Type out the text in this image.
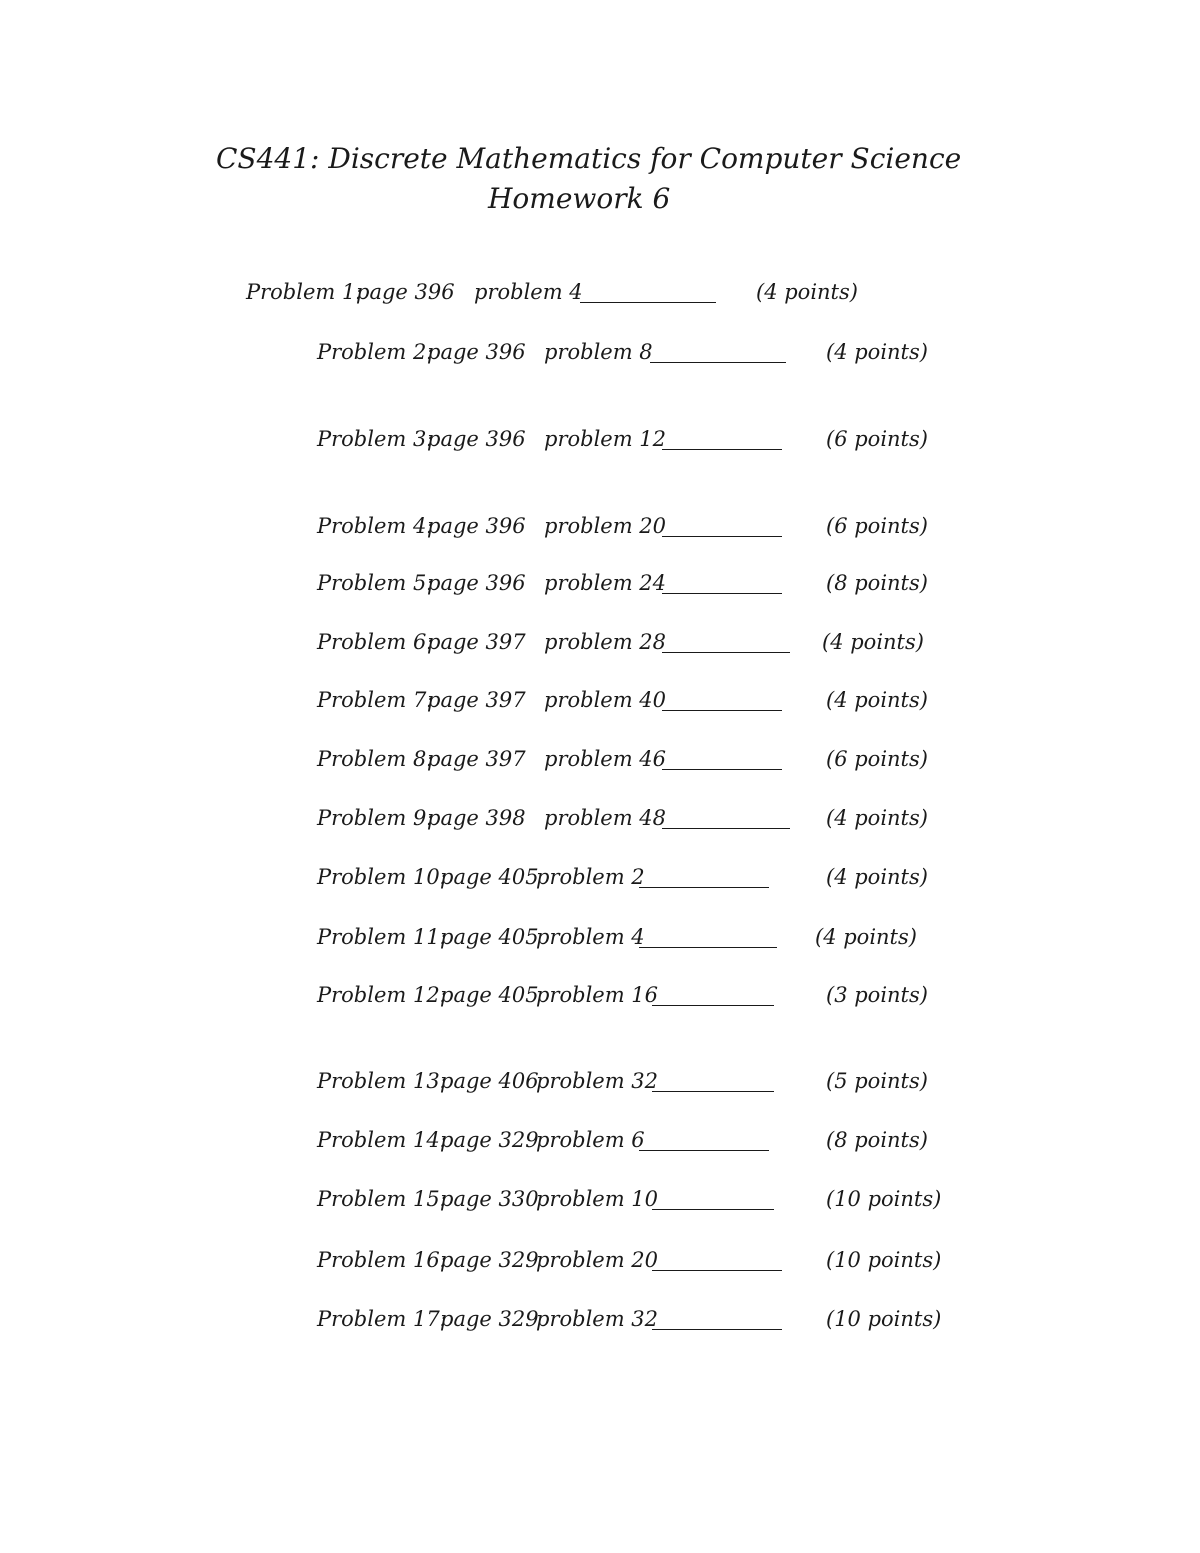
CS441: Discrete Mathematics for Computer Science
Homework 6
Problem 1:
page 396 problem 4	(4 points)
Problem 2:
page 396 problem 8	(4 points)
Problem 3:
page 396 problem 12	(6 points)
Problem 4:
page 396 problem 20	(6 points)
Problem 5:
page 396 problem 24	(8 points)
Problem 6:
page 397 problem 28	(4 points)
Problem 7:
page 397 problem 40	(4 points)
Problem 8:
page 397 problem 46	(6 points)
Problem 9:
page 398 problem 48	(4 points)
Problem 10:
page 405
problem 2	(4 points)
Problem 11:
page 405
problem 4	(4 points)
Problem 12:
page 405
problem 16	(3 points)
Problem 13:
page 406
problem 32	(5 points)
Problem 14:
page 329
problem 6	(8 points)
Problem 15:
page 330
problem 10	(10 points)
Problem 16:
page 329
problem 20	(10 points)
Problem 17:
page 329
problem 32	(10 points)
